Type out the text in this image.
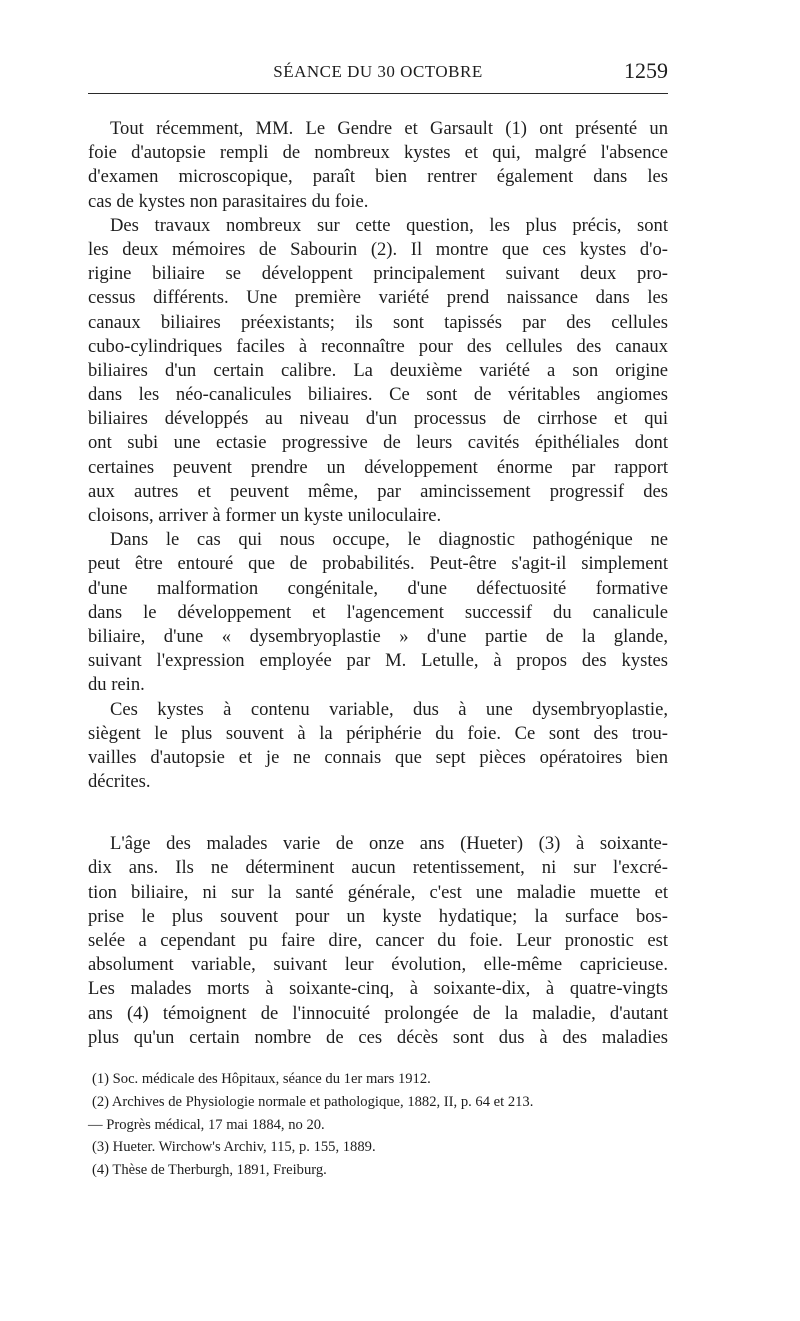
SÉANCE DU 30 OCTOBRE	1259
Tout récemment, MM. Le Gendre et Garsault (1) ont présenté un
foie d'autopsie rempli de nombreux kystes et qui, malgré l'absence
d'examen microscopique, paraît bien rentrer également dans les
cas de kystes non parasitaires du foie.
Des travaux nombreux sur cette question, les plus précis, sont
les deux mémoires de Sabourin (2). Il montre que ces kystes d'o-
rigine biliaire se développent principalement suivant deux pro-
cessus différents. Une première variété prend naissance dans les
canaux biliaires préexistants; ils sont tapissés par des cellules
cubo-cylindriques faciles à reconnaître pour des cellules des canaux
biliaires d'un certain calibre. La deuxième variété a son origine
dans les néo-canalicules biliaires. Ce sont de véritables angiomes
biliaires développés au niveau d'un processus de cirrhose et qui
ont subi une ectasie progressive de leurs cavités épithéliales dont
certaines peuvent prendre un développement énorme par rapport
aux autres et peuvent même, par amincissement progressif des
cloisons, arriver à former un kyste uniloculaire.
Dans le cas qui nous occupe, le diagnostic pathogénique ne
peut être entouré que de probabilités. Peut-être s'agit-il simplement
d'une malformation congénitale, d'une défectuosité formative
dans le développement et l'agencement successif du canalicule
biliaire, d'une « dysembryoplastie » d'une partie de la glande,
suivant l'expression employée par M. Letulle, à propos des kystes
du rein.
Ces kystes à contenu variable, dus à une dysembryoplastie,
siègent le plus souvent à la périphérie du foie. Ce sont des trou-
vailles d'autopsie et je ne connais que sept pièces opératoires bien
décrites.
L'âge des malades varie de onze ans (Hueter) (3) à soixante-
dix ans. Ils ne déterminent aucun retentissement, ni sur l'excré-
tion biliaire, ni sur la santé générale, c'est une maladie muette et
prise le plus souvent pour un kyste hydatique; la surface bos-
selée a cependant pu faire dire, cancer du foie. Leur pronostic est
absolument variable, suivant leur évolution, elle-même capricieuse.
Les malades morts à soixante-cinq, à soixante-dix, à quatre-vingts
ans (4) témoignent de l'innocuité prolongée de la maladie, d'autant
plus qu'un certain nombre de ces décès sont dus à des maladies
(1) Soc. médicale des Hôpitaux, séance du 1er mars 1912.
(2) Archives de Physiologie normale et pathologique, 1882, II, p. 64 et 213.
— Progrès médical, 17 mai 1884, no 20.
(3) Hueter. Wirchow's Archiv, 115, p. 155, 1889.
(4) Thèse de Therburgh, 1891, Freiburg.
